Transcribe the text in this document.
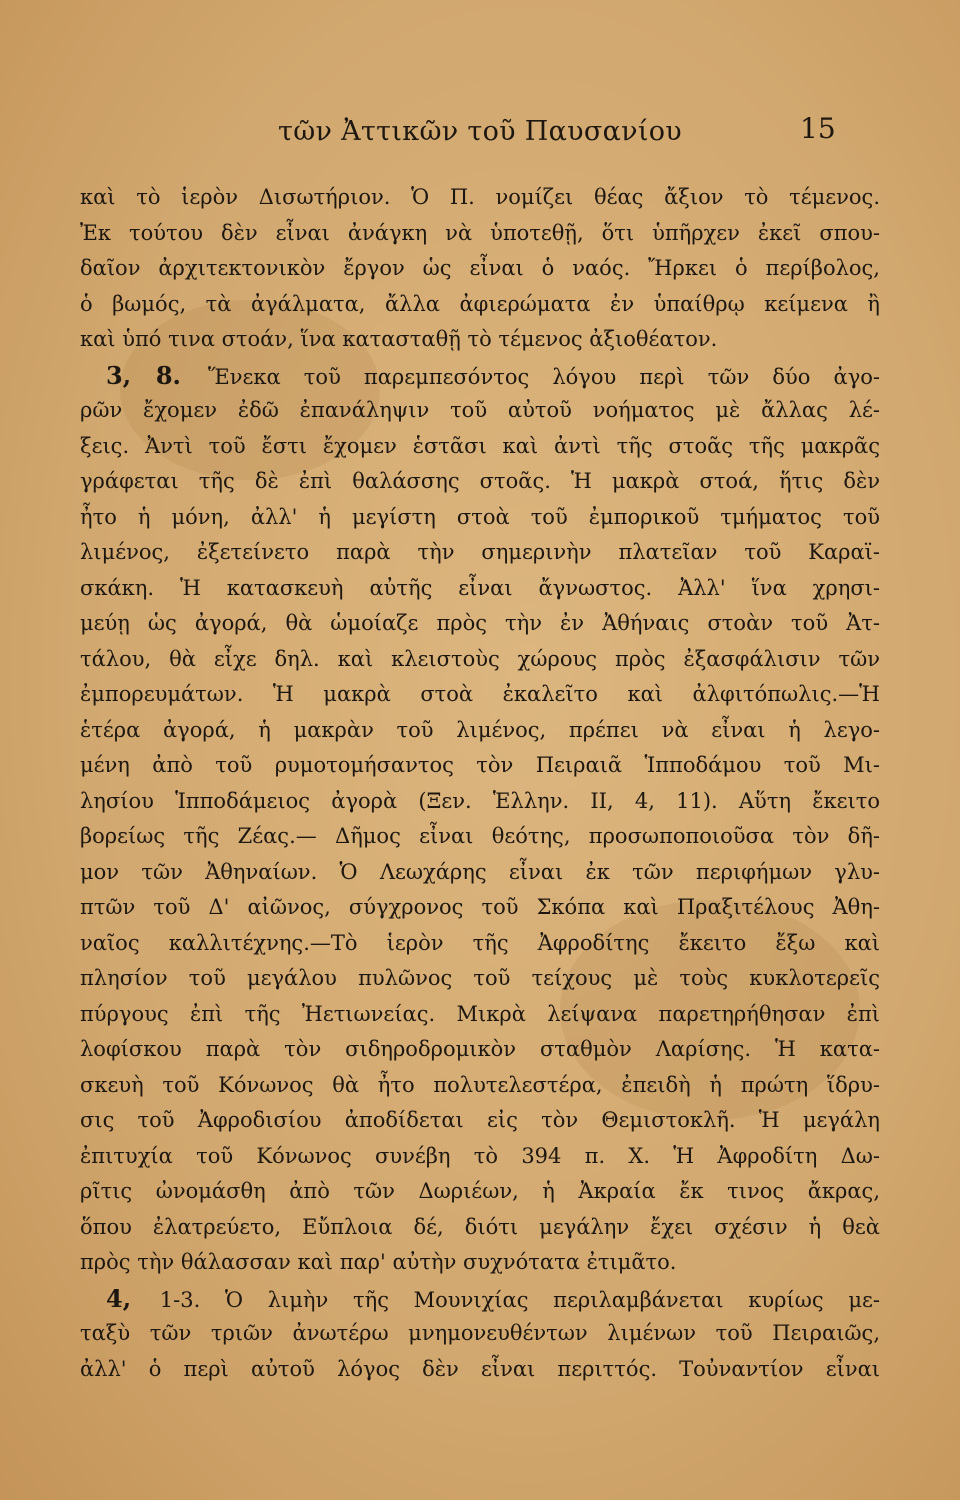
τῶν Ἀττικῶν τοῦ Παυσανίου	15
καὶ τὸ ἱερὸν Δισωτήριον. Ὁ Π. νομίζει θέας ἄξιον τὸ τέμενος.
Ἐκ τούτου δὲν εἶναι ἀνάγκη νὰ ὑποτεθῇ, ὅτι ὑπῆρχεν ἐκεῖ σπου-
δαῖον ἀρχιτεκτονικὸν ἔργον ὡς εἶναι ὁ ναός. Ἤρκει ὁ περίβολος,
ὁ βωμός, τὰ ἀγάλματα, ἄλλα ἀφιερώματα ἐν ὑπαίθρῳ κείμενα ἢ
καὶ ὑπό τινα στοάν, ἵνα κατασταθῇ τὸ τέμενος ἀξιοθέατον.
3, 8. Ἕνεκα τοῦ παρεμπεσόντος λόγου περὶ τῶν δύο ἀγο-
ρῶν ἔχομεν ἐδῶ ἐπανάληψιν τοῦ αὐτοῦ νοήματος μὲ ἄλλας λέ-
ξεις. Ἀντὶ τοῦ ἔστι ἔχομεν ἑστᾶσι καὶ ἀντὶ τῆς στοᾶς τῆς μακρᾶς
γράφεται τῆς δὲ ἐπὶ θαλάσσης στοᾶς. Ἡ μακρὰ στοά, ἥτις δὲν
ἦτο ἡ μόνη, ἀλλ' ἡ μεγίστη στοὰ τοῦ ἐμπορικοῦ τμήματος τοῦ
λιμένος, ἐξετείνετο παρὰ τὴν σημερινὴν πλατεῖαν τοῦ Καραϊ-
σκάκη. Ἡ κατασκευὴ αὐτῆς εἶναι ἄγνωστος. Ἀλλ' ἵνα χρησι-
μεύῃ ὡς ἀγορά, θὰ ὡμοίαζε πρὸς τὴν ἐν Ἀθήναις στοὰν τοῦ Ἀτ-
τάλου, θὰ εἶχε δηλ. καὶ κλειστοὺς χώρους πρὸς ἐξασφάλισιν τῶν
ἐμπορευμάτων. Ἡ μακρὰ στοὰ ἐκαλεῖτο καὶ ἀλφιτόπωλις.—Ἡ
ἑτέρα ἀγορά, ἡ μακρὰν τοῦ λιμένος, πρέπει νὰ εἶναι ἡ λεγο-
μένη ἀπὸ τοῦ ρυμοτομήσαντος τὸν Πειραιᾶ Ἱπποδάμου τοῦ Μι-
λησίου Ἱπποδάμειος ἀγορὰ (Ξεν. Ἑλλην. II, 4, 11). Αὕτη ἔκειτο
βορείως τῆς Ζέας.— Δῆμος εἶναι θεότης, προσωποποιοῦσα τὸν δῆ-
μον τῶν Ἀθηναίων. Ὁ Λεωχάρης εἶναι ἐκ τῶν περιφήμων γλυ-
πτῶν τοῦ Δ' αἰῶνος, σύγχρονος τοῦ Σκόπα καὶ Πραξιτέλους Ἀθη-
ναῖος καλλιτέχνης.—Τὸ ἱερὸν τῆς Ἀφροδίτης ἔκειτο ἔξω καὶ
πλησίον τοῦ μεγάλου πυλῶνος τοῦ τείχους μὲ τοὺς κυκλοτερεῖς
πύργους ἐπὶ τῆς Ἠετιωνείας. Μικρὰ λείψανα παρετηρήθησαν ἐπὶ
λοφίσκου παρὰ τὸν σιδηροδρομικὸν σταθμὸν Λαρίσης. Ἡ κατα-
σκευὴ τοῦ Κόνωνος θὰ ἦτο πολυτελεστέρα, ἐπειδὴ ἡ πρώτη ἵδρυ-
σις τοῦ Ἀφροδισίου ἀποδίδεται εἰς τὸν Θεμιστοκλῆ. Ἡ μεγάλη
ἐπιτυχία τοῦ Κόνωνος συνέβη τὸ 394 π. Χ. Ἡ Ἀφροδίτη Δω-
ρῖτις ὠνομάσθη ἀπὸ τῶν Δωριέων, ἡ Ἀκραία ἔκ τινος ἄκρας,
ὅπου ἐλατρεύετο, Εὔπλοια δέ, διότι μεγάλην ἔχει σχέσιν ἡ θεὰ
πρὸς τὴν θάλασσαν καὶ παρ' αὐτὴν συχνότατα ἐτιμᾶτο.
4, 1-3. Ὁ λιμὴν τῆς Μουνιχίας περιλαμβάνεται κυρίως με-
ταξὺ τῶν τριῶν ἀνωτέρω μνημονευθέντων λιμένων τοῦ Πειραιῶς,
ἀλλ' ὁ περὶ αὐτοῦ λόγος δὲν εἶναι περιττός. Τοὐναντίον εἶναι
